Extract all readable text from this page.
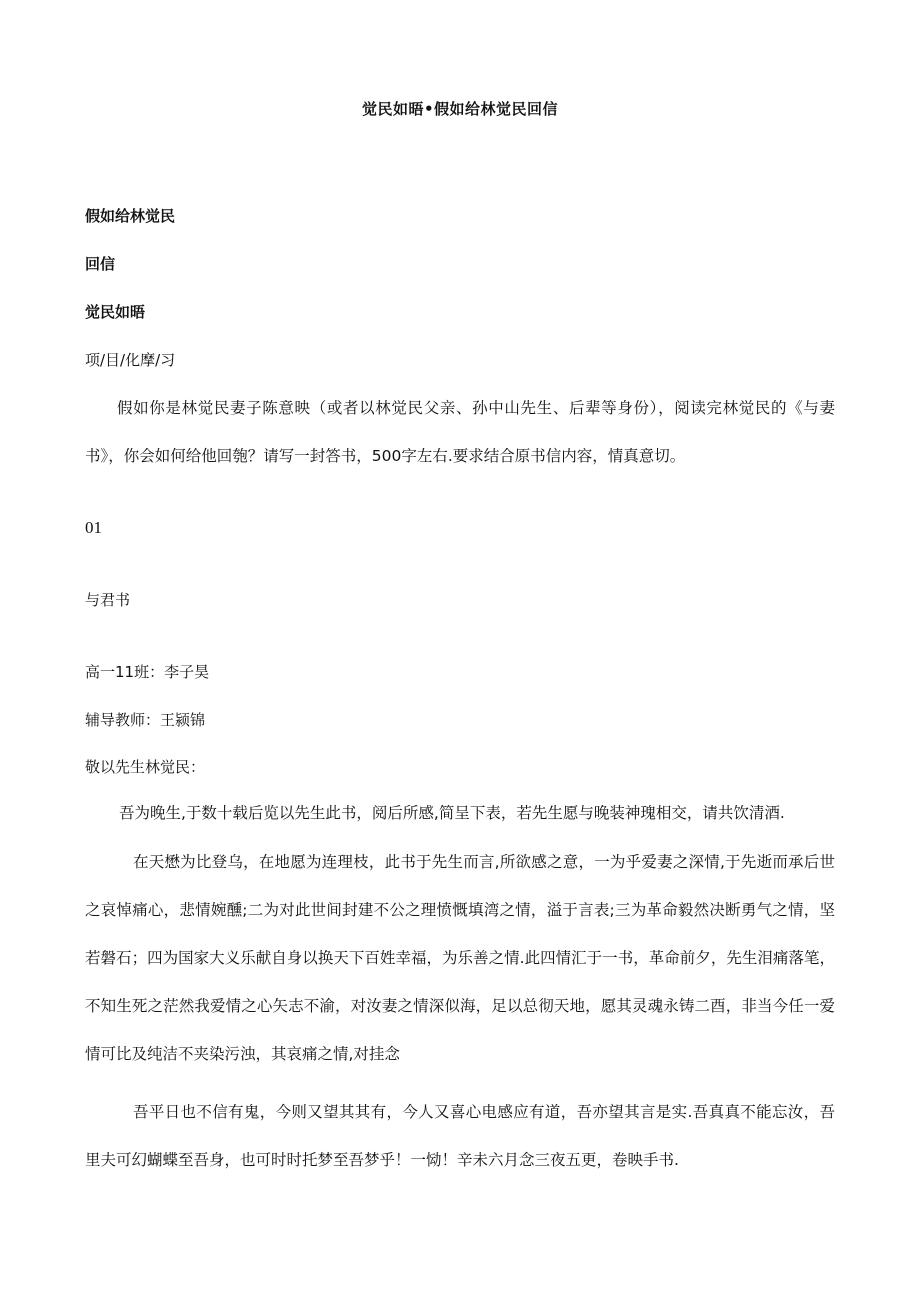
觉民如晤•假如给林觉民回信
假如给林觉民
回信
觉民如晤
项/目/化摩/习
假如你是林觉民妻子陈意映（或者以林觉民父亲、孙中山先生、后辈等身份），阅读完林觉民的《与妻书》，你会如何给他回匏？请写一封答书，500字左右.要求结合原书信内容，情真意切。
01
与君书
高一11班：李子昊
辅导教师：王颍锦
敬以先生林觉民：
吾为晚生,于数十载后览以先生此书，阅后所感,简呈下表，若先生愿与晚装神瑰相交，请共饮清酒.
在天懋为比登乌，在地愿为连理枝，此书于先生而言,所欲感之意，一为乎爱妻之深情,于先逝而承后世之哀悼痛心，悲情婉醺;二为对此世间封建不公之理愤慨填湾之情，溢于言表;三为革命毅然决断勇气之情，坚若磐石；四为国家大义乐献自身以换天下百姓幸福，为乐善之情.此四情汇于一书，革命前夕，先生泪痛落笔，不知生死之茫然我爱情之心矢志不渝，对汝妻之情深似海，足以总彻天地，愿其灵魂永铸二酉，非当今任一爱情可比及纯洁不夹染污浊，其哀痛之情,对挂念
吾平日也不信有鬼，今则又望其其有，今人又喜心电感应有道，吾亦望其言是实.吾真真不能忘汝，吾里夫可幻蝴蝶至吾身，也可时时托梦至吾梦乎！一恸！辛未六月念三夜五更，卷映手书.
